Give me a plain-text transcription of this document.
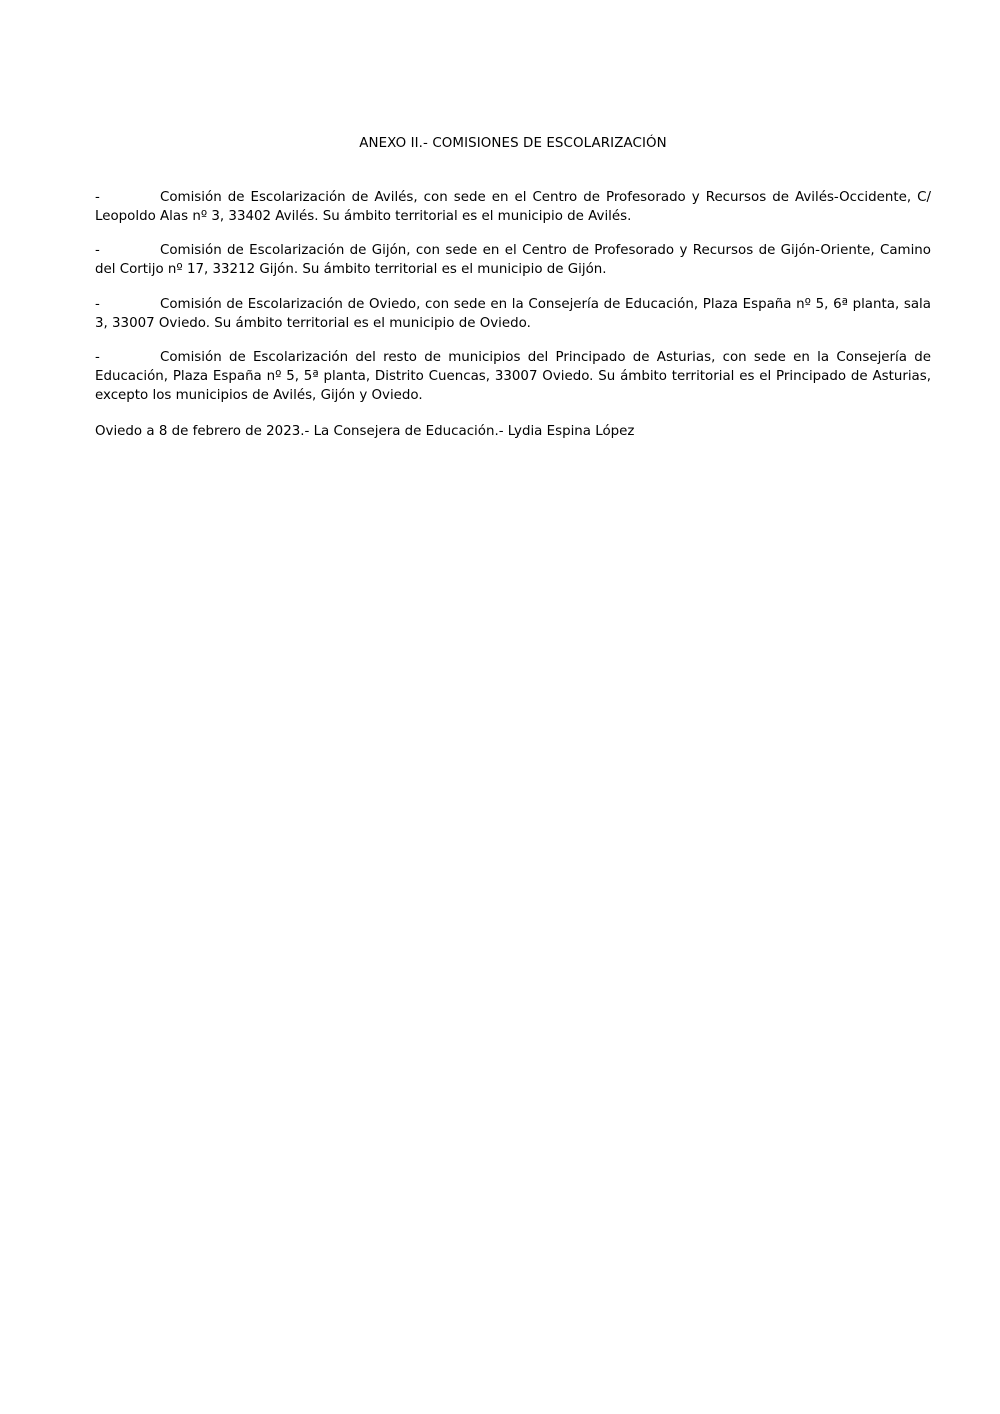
ANEXO II.- COMISIONES DE ESCOLARIZACIÓN

-	Comisión de Escolarización de Avilés, con sede en el Centro de Profesorado y Recursos de Avilés-Occidente, C/ Leopoldo Alas nº 3, 33402 Avilés. Su ámbito territorial es el municipio de Avilés.

-	Comisión de Escolarización de Gijón, con sede en el Centro de Profesorado y Recursos de Gijón-Oriente, Camino del Cortijo nº 17, 33212 Gijón. Su ámbito territorial es el municipio de Gijón.

-	Comisión de Escolarización de Oviedo, con sede en la Consejería de Educación, Plaza España nº 5, 6ª planta, sala 3, 33007 Oviedo. Su ámbito territorial es el municipio de Oviedo.

-	Comisión de Escolarización del resto de municipios del Principado de Asturias, con sede en la Consejería de Educación, Plaza España nº 5, 5ª planta, Distrito Cuencas, 33007 Oviedo. Su ámbito territorial es el Principado de Asturias, excepto los municipios de Avilés, Gijón y Oviedo.

Oviedo a 8 de febrero de 2023.- La Consejera de Educación.- Lydia Espina López
